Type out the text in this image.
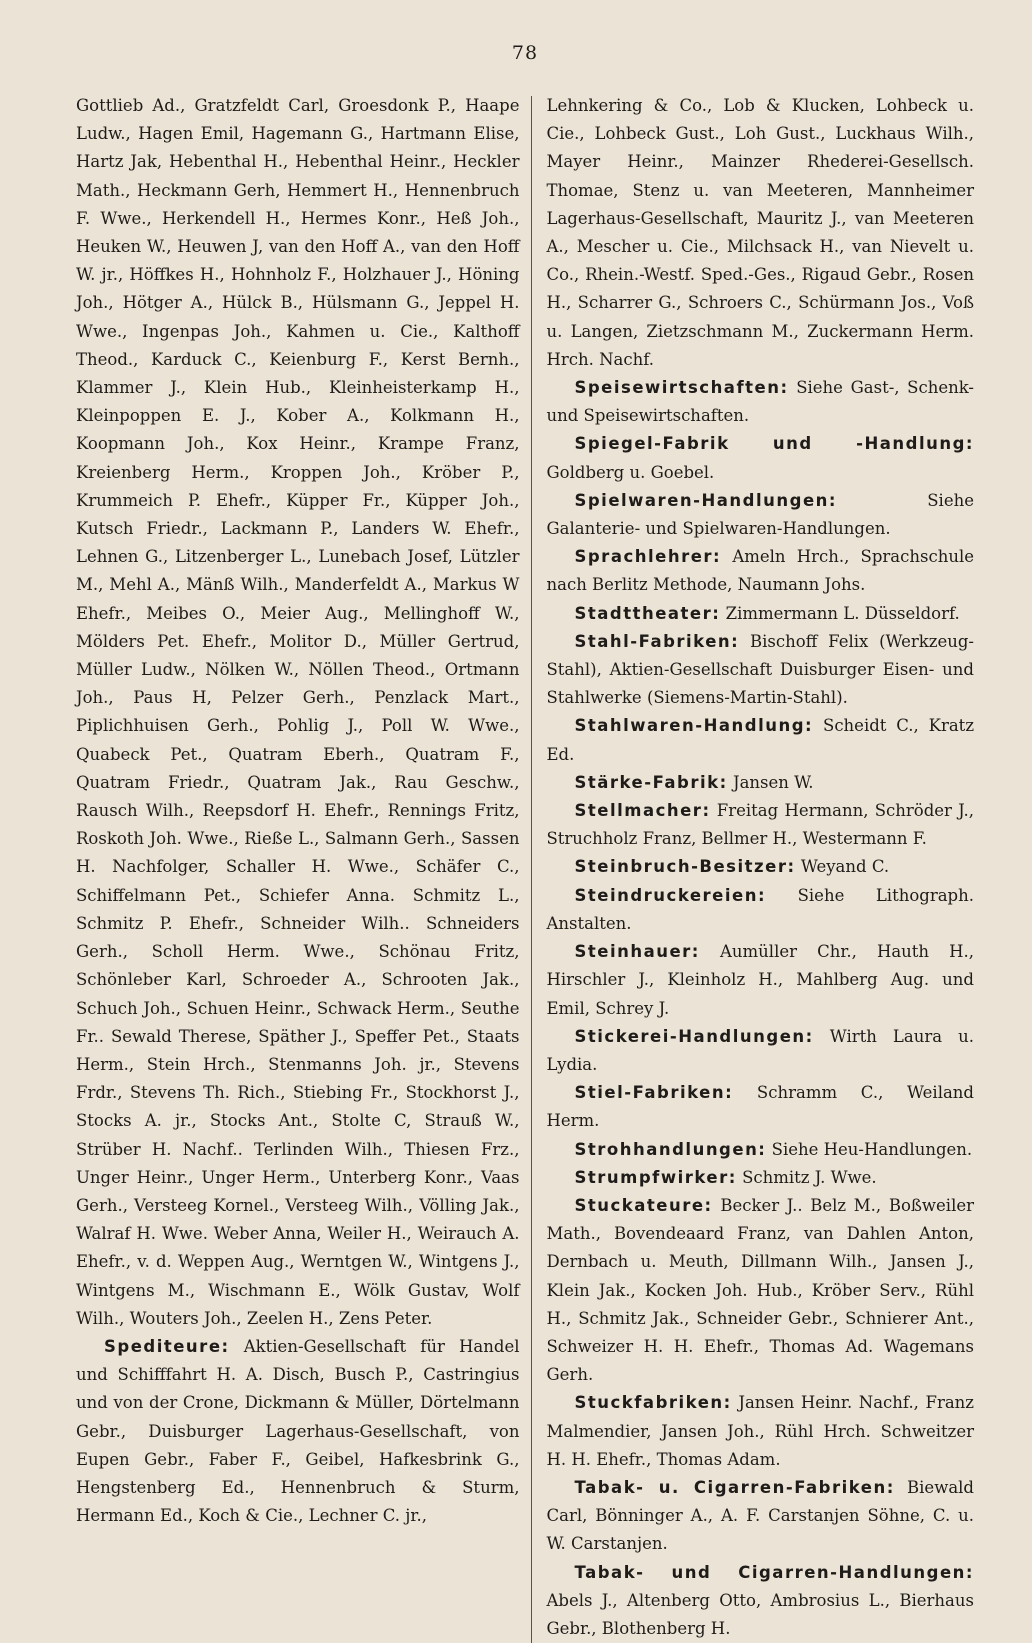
78

Gottlieb Ad., Gratzfeldt Carl, Groesdonk P., Haape Ludw., Hagen Emil, Hagemann G., Hartmann Elise, Hartz Jak, Hebenthal H., Hebenthal Heinr., Heckler Math., Heckmann Gerh, Hemmert H., Hennenbruch F. Wwe., Herkendell H., Hermes Konr., Heß Joh., Heuken W., Heuwen J, van den Hoff A., van den Hoff W. jr., Höffkes H., Hohnholz F., Holzhauer J., Höning Joh., Hötger A., Hülck B., Hülsmann G., Jeppel H. Wwe., Ingenpas Joh., Kahmen u. Cie., Kalthoff Theod., Karduck C., Keienburg F., Kerst Bernh., Klammer J., Klein Hub., Kleinheisterkamp H., Kleinpoppen E. J., Kober A., Kolkmann H., Koopmann Joh., Kox Heinr., Krampe Franz, Kreienberg Herm., Kroppen Joh., Kröber P., Krummeich P. Ehefr., Küpper Fr., Küpper Joh., Kutsch Friedr., Lackmann P., Landers W. Ehefr., Lehnen G., Litzenberger L., Lunebach Josef, Lützler M., Mehl A., Mänß Wilh., Manderfeldt A., Markus W Ehefr., Meibes O., Meier Aug., Mellinghoff W., Mölders Pet. Ehefr., Molitor D., Müller Gertrud, Müller Ludw., Nölken W., Nöllen Theod., Ortmann Joh., Paus H, Pelzer Gerh., Penzlack Mart., Piplichhuisen Gerh., Pohlig J., Poll W. Wwe., Quabeck Pet., Quatram Eberh., Quatram F., Quatram Friedr., Quatram Jak., Rau Geschw., Rausch Wilh., Reepsdorf H. Ehefr., Rennings Fritz, Roskoth Joh. Wwe., Rieße L., Salmann Gerh., Sassen H. Nachfolger, Schaller H. Wwe., Schäfer C., Schiffelmann Pet., Schiefer Anna. Schmitz L., Schmitz P. Ehefr., Schneider Wilh.. Schneiders Gerh., Scholl Herm. Wwe., Schönau Fritz, Schönleber Karl, Schroeder A., Schrooten Jak., Schuch Joh., Schuen Heinr., Schwack Herm., Seuthe Fr.. Sewald Therese, Späther J., Speffer Pet., Staats Herm., Stein Hrch., Stenmanns Joh. jr., Stevens Frdr., Stevens Th. Rich., Stiebing Fr., Stockhorst J., Stocks A. jr., Stocks Ant., Stolte C, Strauß W., Strüber H. Nachf.. Terlinden Wilh., Thiesen Frz., Unger Heinr., Unger Herm., Unterberg Konr., Vaas Gerh., Versteeg Kornel., Versteeg Wilh., Völling Jak., Walraf H. Wwe. Weber Anna, Weiler H., Weirauch A. Ehefr., v. d. Weppen Aug., Werntgen W., Wintgens J., Wintgens M., Wischmann E., Wölk Gustav, Wolf Wilh., Wouters Joh., Zeelen H., Zens Peter.

Spediteure: Aktien-Gesellschaft für Handel und Schifffahrt H. A. Disch, Busch P., Castringius und von der Crone, Dickmann & Müller, Dörtelmann Gebr., Duisburger Lagerhaus-Gesellschaft, von Eupen Gebr., Faber F., Geibel, Hafkesbrink G., Hengstenberg Ed., Hennenbruch & Sturm, Hermann Ed., Koch & Cie., Lechner C. jr.,

Lehnkering & Co., Lob & Klucken, Lohbeck u. Cie., Lohbeck Gust., Loh Gust., Luckhaus Wilh., Mayer Heinr., Mainzer Rhederei-Gesellsch. Thomae, Stenz u. van Meeteren, Mannheimer Lagerhaus-Gesellschaft, Mauritz J., van Meeteren A., Mescher u. Cie., Milchsack H., van Nievelt u. Co., Rhein.-Westf. Sped.-Ges., Rigaud Gebr., Rosen H., Scharrer G., Schroers C., Schürmann Jos., Voß u. Langen, Zietzschmann M., Zuckermann Herm. Hrch. Nachf.

Speisewirtschaften: Siehe Gast-, Schenk- und Speisewirtschaften.

Spiegel-Fabrik und -Handlung: Goldberg u. Goebel.

Spielwaren-Handlungen:	Siehe Galanterie- und Spielwaren-Handlungen.

Sprachlehrer: Ameln Hrch., Sprachschule nach Berlitz Methode, Naumann Johs.

Stadttheater: Zimmermann L. Düsseldorf.

Stahl-Fabriken: Bischoff Felix (Werkzeug-Stahl), Aktien-Gesellschaft Duisburger Eisen- und Stahlwerke (Siemens-Martin-Stahl).

Stahlwaren-Handlung: Scheidt C., Kratz Ed.

Stärke-Fabrik: Jansen W.

Stellmacher: Freitag Hermann, Schröder J., Struchholz Franz, Bellmer H., Westermann F.

Steinbruch-Besitzer: Weyand C.

Steindruckereien: Siehe Lithograph. Anstalten.

Steinhauer: Aumüller Chr., Hauth H., Hirschler J., Kleinholz H., Mahlberg Aug. und Emil, Schrey J.

Stickerei-Handlungen: Wirth Laura u. Lydia.

Stiel-Fabriken: Schramm C., Weiland Herm.

Strohhandlungen: Siehe Heu-Handlungen.

Strumpfwirker: Schmitz J. Wwe.

Stuckateure: Becker J.. Belz M., Boßweiler Math., Bovendeaard Franz, van Dahlen Anton, Dernbach u. Meuth, Dillmann Wilh., Jansen J., Klein Jak., Kocken Joh. Hub., Kröber Serv., Rühl H., Schmitz Jak., Schneider Gebr., Schnierer Ant., Schweizer H. H. Ehefr., Thomas Ad. Wagemans Gerh.

Stuckfabriken: Jansen Heinr. Nachf., Franz Malmendier, Jansen Joh., Rühl Hrch. Schweitzer H. H. Ehefr., Thomas Adam.

Tabak- u. Cigarren-Fabriken: Biewald Carl, Bönninger A., A. F. Carstanjen Söhne, C. u. W. Carstanjen.

Tabak- und Cigarren-Handlungen: Abels J., Altenberg Otto, Ambrosius L., Bierhaus Gebr., Blothenberg H.
